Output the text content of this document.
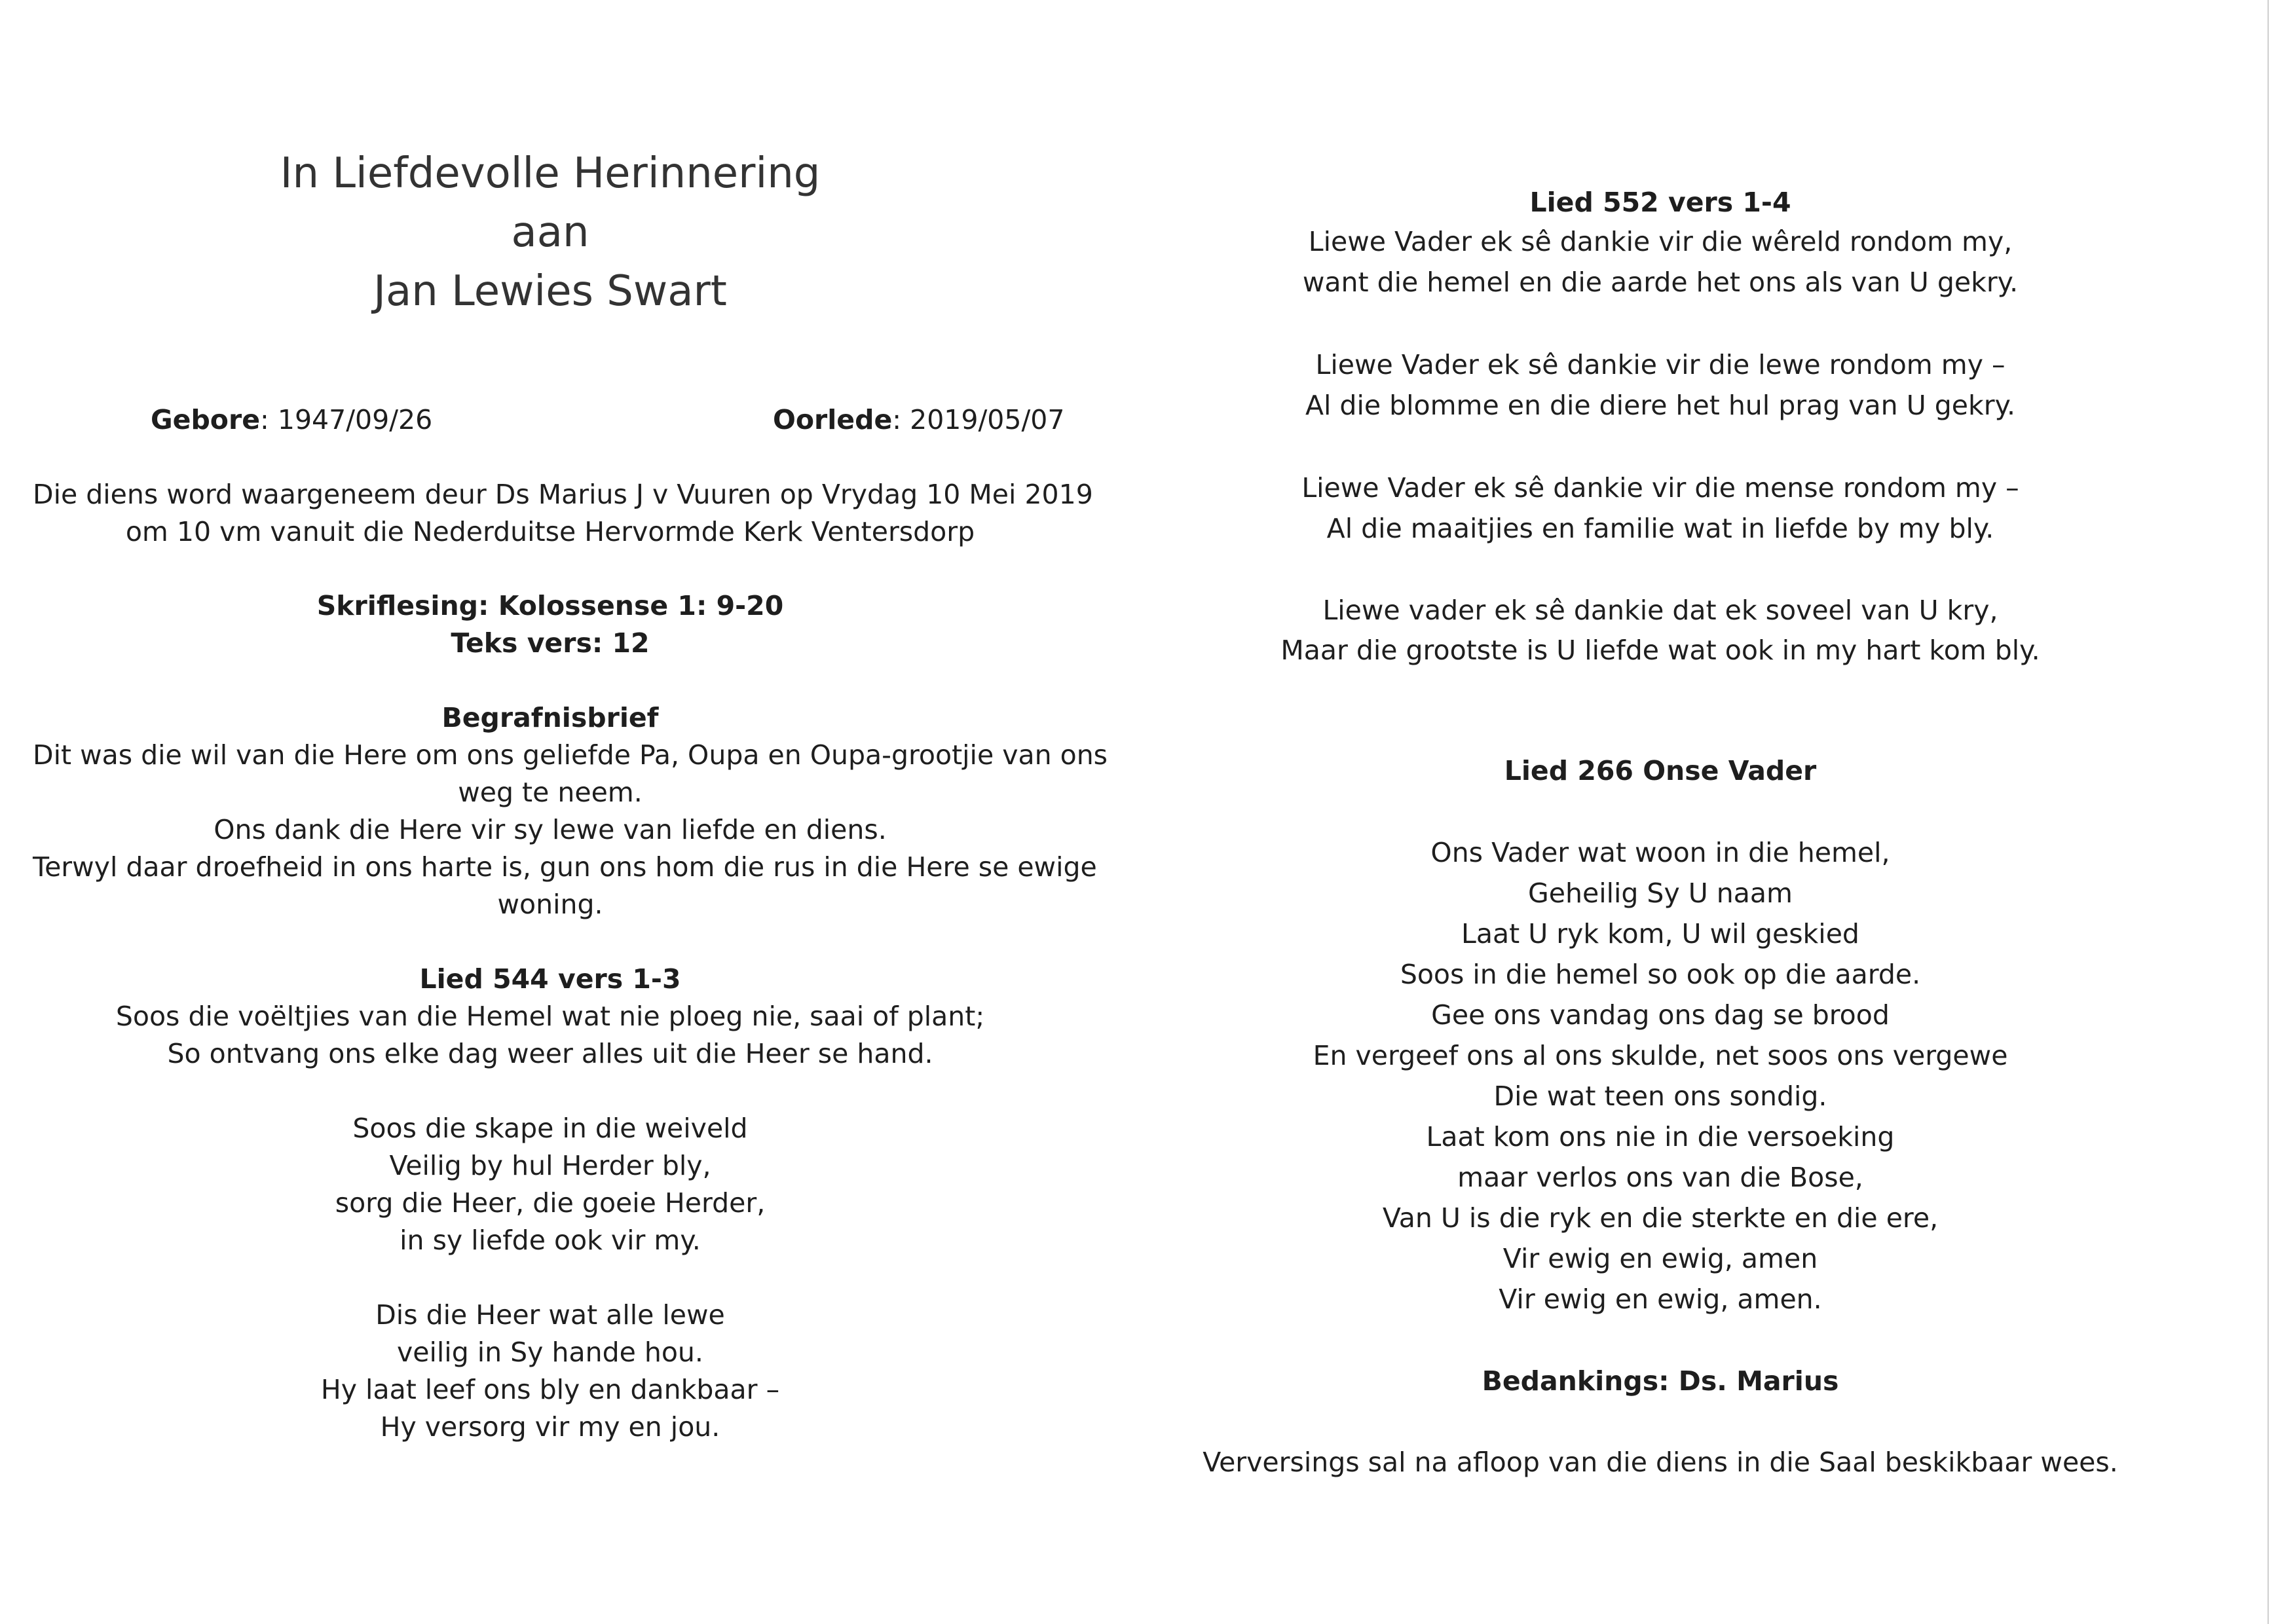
In Liefdevolle Herinnering
aan
Jan Lewies Swart
Gebore: 1947/09/26	Oorlede: 2019/05/07
Die diens word waargeneem deur Ds Marius J v Vuuren op Vrydag 10 Mei 2019
om 10 vm vanuit die Nederduitse Hervormde Kerk Ventersdorp
Skriflesing: Kolossense 1: 9-20
Teks vers: 12
Begrafnisbrief
Dit was die wil van die Here om ons geliefde Pa, Oupa en Oupa-grootjie van ons
weg te neem.
Ons dank die Here vir sy lewe van liefde en diens.
Terwyl daar droefheid in ons harte is, gun ons hom die rus in die Here se ewige
woning.
Lied 544 vers 1-3
Soos die voëltjies van die Hemel wat nie ploeg nie, saai of plant;
So ontvang ons elke dag weer alles uit die Heer se hand.
Soos die skape in die weiveld
Veilig by hul Herder bly,
sorg die Heer, die goeie Herder,
in sy liefde ook vir my.
Dis die Heer wat alle lewe
veilig in Sy hande hou.
Hy laat leef ons bly en dankbaar –
Hy versorg vir my en jou.
Lied 552 vers 1-4
Liewe Vader ek sê dankie vir die wêreld rondom my,
want die hemel en die aarde het ons als van U gekry.
Liewe Vader ek sê dankie vir die lewe rondom my –
Al die blomme en die diere het hul prag van U gekry.
Liewe Vader ek sê dankie vir die mense rondom my –
Al die maaitjies en familie wat in liefde by my bly.
Liewe vader ek sê dankie dat ek soveel van U kry,
Maar die grootste is U liefde wat ook in my hart kom bly.
Lied 266 Onse Vader
Ons Vader wat woon in die hemel,
Geheilig Sy U naam
Laat U ryk kom, U wil geskied
Soos in die hemel so ook op die aarde.
Gee ons vandag ons dag se brood
En vergeef ons al ons skulde, net soos ons vergewe
Die wat teen ons sondig.
Laat kom ons nie in die versoeking
maar verlos ons van die Bose,
Van U is die ryk en die sterkte en die ere,
Vir ewig en ewig, amen
Vir ewig en ewig, amen.
Bedankings: Ds. Marius
Verversings sal na afloop van die diens in die Saal beskikbaar wees.
